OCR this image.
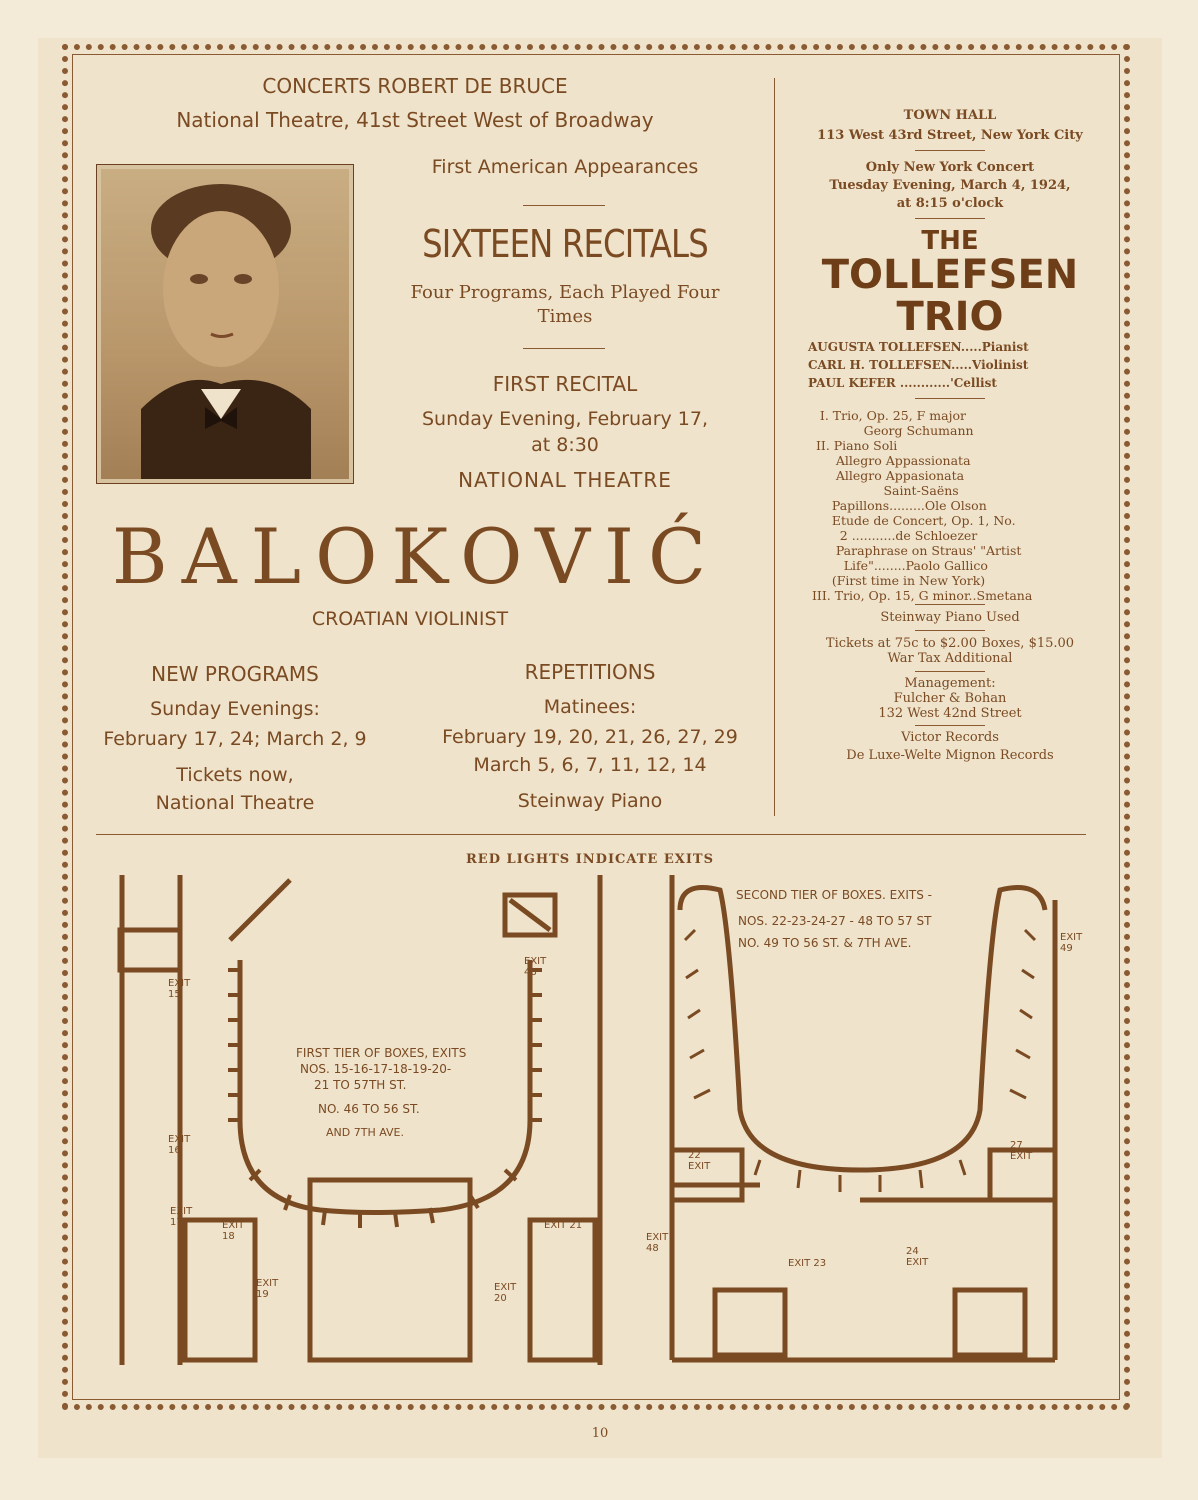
CONCERTS ROBERT DE BRUCE
National Theatre, 41st Street West of Broadway
First American Appearances
SIXTEEN RECITALS
Four Programs, Each Played Four
Times
FIRST RECITAL
Sunday Evening, February 17,
at 8:30
NATIONAL THEATRE
BALOKOVIĆ
CROATIAN VIOLINIST
NEW PROGRAMS
Sunday Evenings:
February 17, 24; March 2, 9
Tickets now,
National Theatre
REPETITIONS
Matinees:
February 19, 20, 21, 26, 27, 29
March 5, 6, 7, 11, 12, 14
Steinway Piano
TOWN HALL
113 West 43rd Street, New York City
Only New York Concert
Tuesday Evening, March 4, 1924,
at 8:15 o'clock
THE
TOLLEFSEN
TRIO
AUGUSTA TOLLEFSEN.....Pianist
CARL H. TOLLEFSEN.....Violinist
PAUL KEFER ............'Cellist
I. Trio, Op. 25, F major
Georg Schumann
II. Piano Soli
Allegro Appassionata
Allegro Appasionata
Saint-Saëns
Papillons.........Ole Olson
Etude de Concert, Op. 1, No.
2 ...........de Schloezer
Paraphrase on Straus' "Artist
Life"........Paolo Gallico
(First time in New York)
III. Trio, Op. 15, G minor..Smetana
Steinway Piano Used
Tickets at 75c to $2.00 Boxes, $15.00
War Tax Additional
Management:
Fulcher & Bohan
132 West 42nd Street
Victor Records
De Luxe-Welte Mignon Records
RED LIGHTS INDICATE EXITS
FIRST TIER OF BOXES, EXITS
NOS. 15-16-17-18-19-20-
21 TO 57TH ST.
NO. 46 TO 56 ST.
AND 7TH AVE.
EXIT 15
EXIT 16
EXIT 17	EXIT 18
EXIT 19
EXIT 20
EXIT 21
EXIT 46
SECOND TIER OF BOXES. EXITS -
NOS. 22-23-24-27 - 48 TO 57 ST
NO. 49 TO 56 ST. & 7TH AVE.
22 EXIT
EXIT 23
24 EXIT
27 EXIT
EXIT 48
EXIT 49
10
